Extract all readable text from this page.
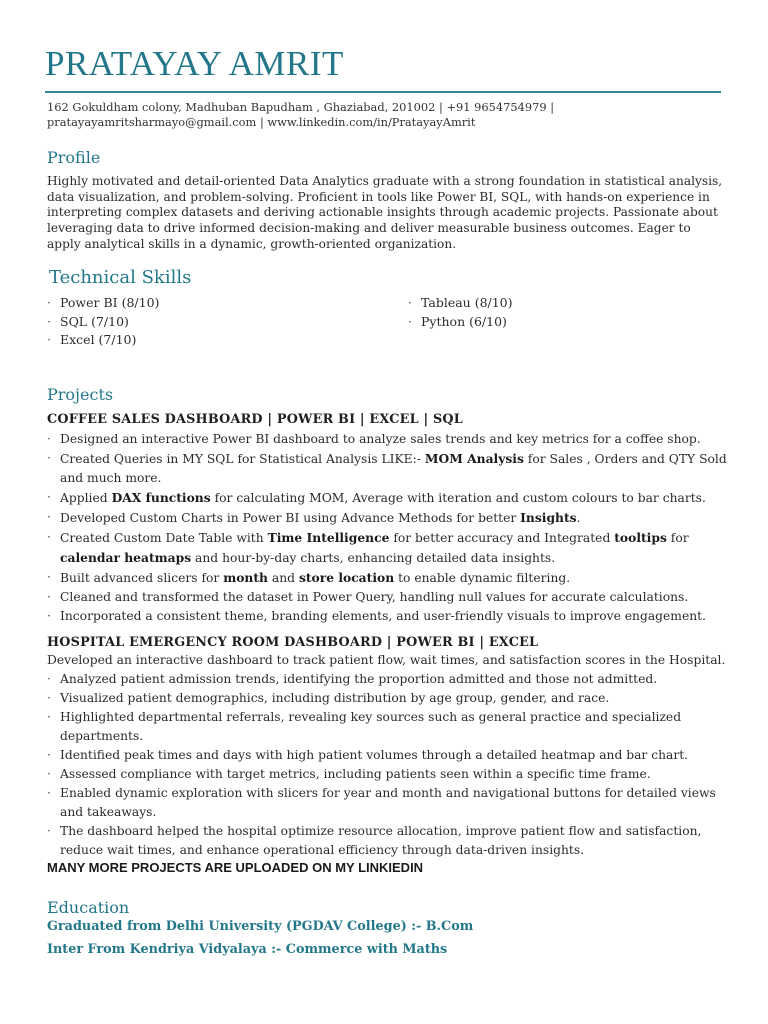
PRATAYAY AMRIT
162 Gokuldham colony, Madhuban Bapudham , Ghaziabad, 201002 | +91 9654754979 |
pratayayamritsharmayo@gmail.com | www.linkedin.com/in/PratayayAmrit
Profile
Highly motivated and detail-oriented Data Analytics graduate with a strong foundation in statistical analysis, data visualization, and problem-solving. Proficient in tools like Power BI, SQL, with hands-on experience in interpreting complex datasets and deriving actionable insights through academic projects. Passionate about leveraging data to drive informed decision-making and deliver measurable business outcomes. Eager to apply analytical skills in a dynamic, growth-oriented organization.
Technical Skills
· Power BI (8/10)
· SQL (7/10)
· Excel (7/10)
· Tableau (8/10)
· Python (6/10)
Projects
COFFEE SALES DASHBOARD | POWER BI | EXCEL | SQL
· Designed an interactive Power BI dashboard to analyze sales trends and key metrics for a coffee shop.
· Created Queries in MY SQL for Statistical Analysis LIKE:- MOM Analysis for Sales , Orders and QTY Sold and much more.
· Applied DAX functions for calculating MOM, Average with iteration and custom colours to bar charts.
· Developed Custom Charts in Power BI using Advance Methods for better Insights.
· Created Custom Date Table with Time Intelligence for better accuracy and Integrated tooltips for calendar heatmaps and hour-by-day charts, enhancing detailed data insights.
· Built advanced slicers for month and store location to enable dynamic filtering.
· Cleaned and transformed the dataset in Power Query, handling null values for accurate calculations.
· Incorporated a consistent theme, branding elements, and user-friendly visuals to improve engagement.
HOSPITAL EMERGENCY ROOM DASHBOARD | POWER BI | EXCEL
Developed an interactive dashboard to track patient flow, wait times, and satisfaction scores in the Hospital.
· Analyzed patient admission trends, identifying the proportion admitted and those not admitted.
· Visualized patient demographics, including distribution by age group, gender, and race.
· Highlighted departmental referrals, revealing key sources such as general practice and specialized departments.
· Identified peak times and days with high patient volumes through a detailed heatmap and bar chart.
· Assessed compliance with target metrics, including patients seen within a specific time frame.
· Enabled dynamic exploration with slicers for year and month and navigational buttons for detailed views and takeaways.
· The dashboard helped the hospital optimize resource allocation, improve patient flow and satisfaction, reduce wait times, and enhance operational efficiency through data-driven insights.
MANY MORE PROJECTS ARE UPLOADED ON MY LINKIEDIN
Education
Graduated from Delhi University (PGDAV College) :- B.Com
Inter From Kendriya Vidyalaya :- Commerce with Maths
